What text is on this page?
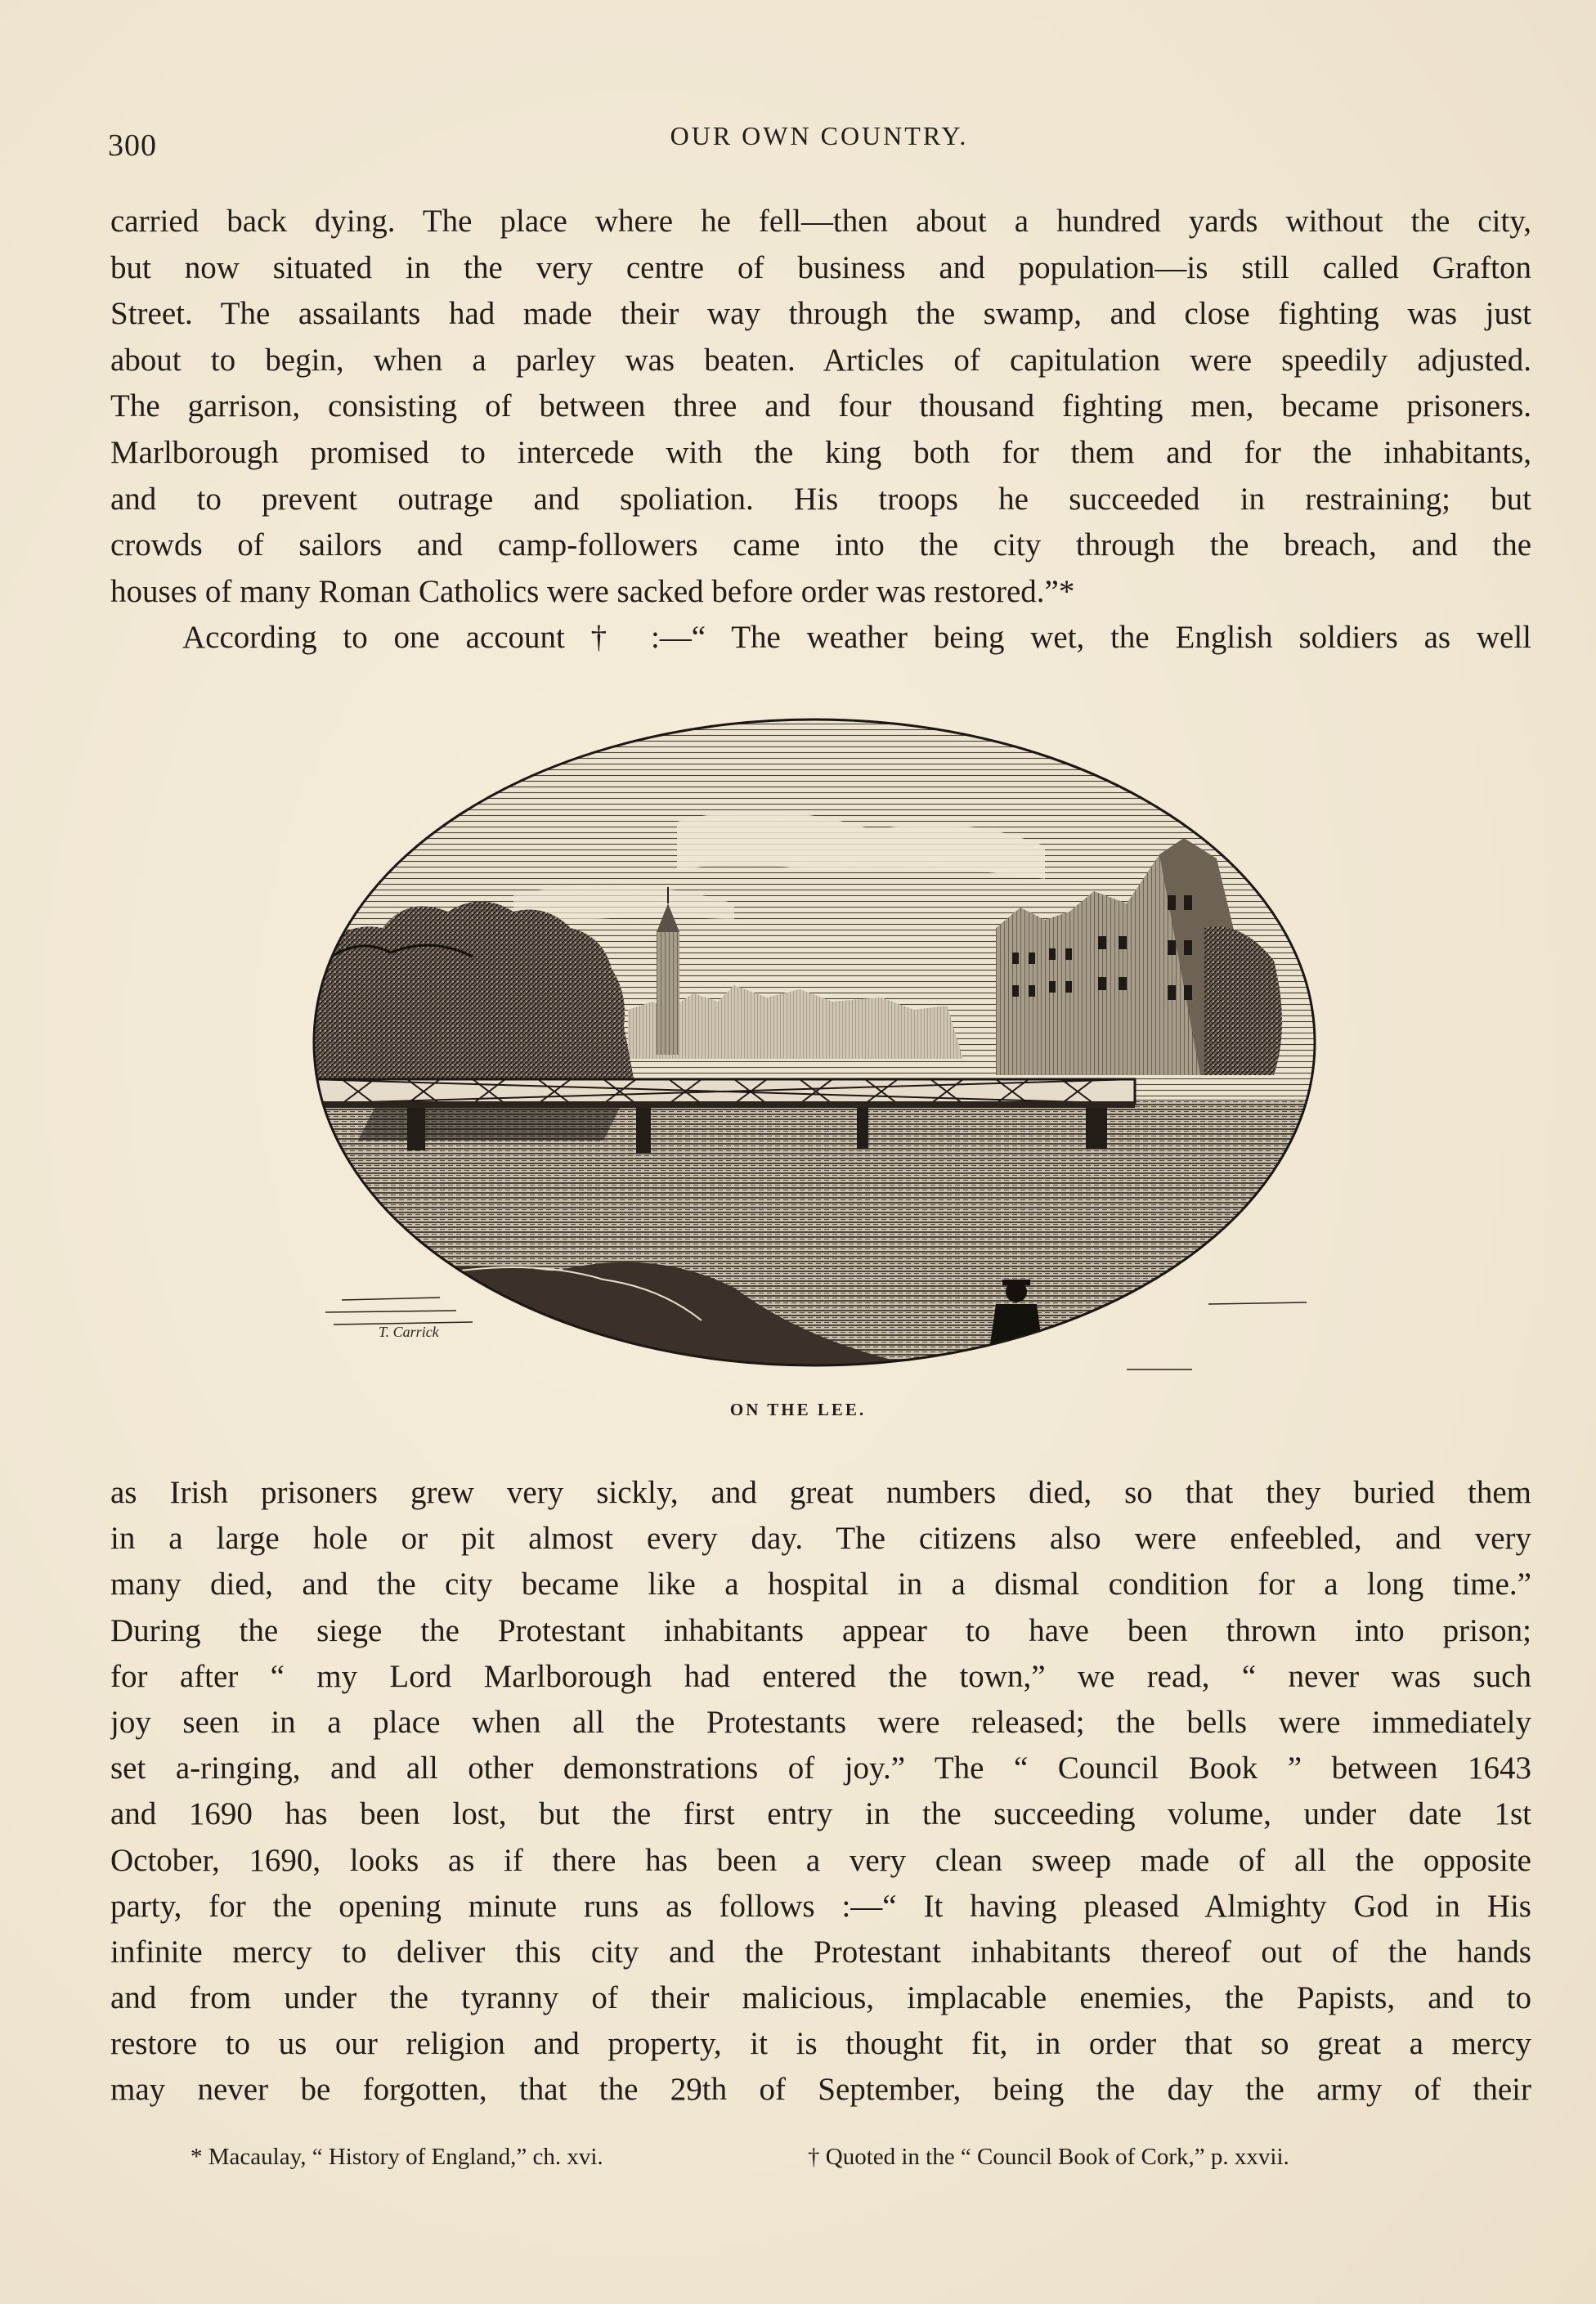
300	OUR OWN COUNTRY.
carried back dying. The place where he fell—then about a hundred yards without the city,
but now situated in the very centre of business and population—is still called Grafton
Street. The assailants had made their way through the swamp, and close fighting was just
about to begin, when a parley was beaten. Articles of capitulation were speedily adjusted.
The garrison, consisting of between three and four thousand fighting men, became prisoners.
Marlborough promised to intercede with the king both for them and for the inhabitants,
and to prevent outrage and spoliation. His troops he succeeded in restraining; but
crowds of sailors and camp-followers came into the city through the breach, and the
houses of many Roman Catholics were sacked before order was restored.”*
According to one account † :—“ The weather being wet, the English soldiers as well
T. Carrick
ON THE LEE.
as Irish prisoners grew very sickly, and great numbers died, so that they buried them
in a large hole or pit almost every day. The citizens also were enfeebled, and very
many died, and the city became like a hospital in a dismal condition for a long time.”
During the siege the Protestant inhabitants appear to have been thrown into prison;
for after “ my Lord Marlborough had entered the town,” we read, “ never was such
joy seen in a place when all the Protestants were released; the bells were immediately
set a-ringing, and all other demonstrations of joy.” The “ Council Book ” between 1643
and 1690 has been lost, but the first entry in the succeeding volume, under date 1st
October, 1690, looks as if there has been a very clean sweep made of all the opposite
party, for the opening minute runs as follows :—“ It having pleased Almighty God in His
infinite mercy to deliver this city and the Protestant inhabitants thereof out of the hands
and from under the tyranny of their malicious, implacable enemies, the Papists, and to
restore to us our religion and property, it is thought fit, in order that so great a mercy
may never be forgotten, that the 29th of September, being the day the army of their
* Macaulay, “ History of England,” ch. xvi.	† Quoted in the “ Council Book of Cork,” p. xxvii.
